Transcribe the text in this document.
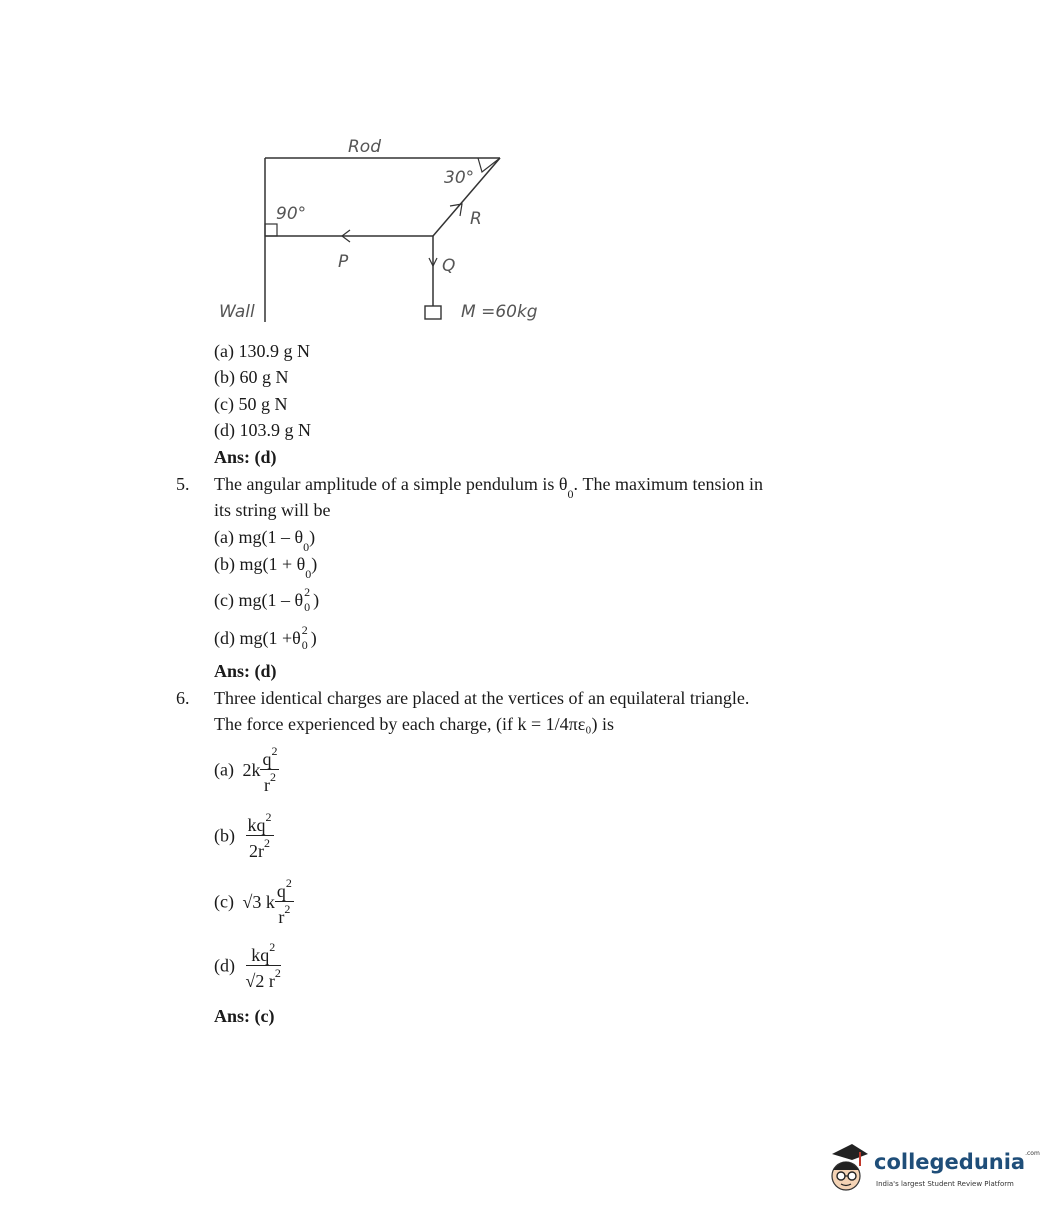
Rod
30°
90°	R
P	Q
Wall	M =60kg
(a) 130.9 g N
(b) 60 g N
(c) 50 g N
(d) 103.9 g N
Ans: (d)
5. The angular amplitude of a simple pendulum is $\theta_0$. The maximum tension in
its string will be
(a) $mg(1 - \theta_0)$
(b) $mg(1 + \theta_0)$
(c) mg(1 – θ 2
0 )
(d) mg(1 +θ 2
0 )
Ans: (d)
6. Three identical charges are placed at the vertices of an equilateral triangle.
The force experienced by each charge, (if k = 1/4πε₀) is
(a) $2k \frac{q^2}{r^2}$
$(b) \frac{kq^2}{2r^2}$
(c) √3 k $\frac{q^2}{r^2}$
$(d) \frac{kq^2}{√2 r^2}$
Ans: (c)
collegedunia$^{.com}$
India's largest Student Review Platform
